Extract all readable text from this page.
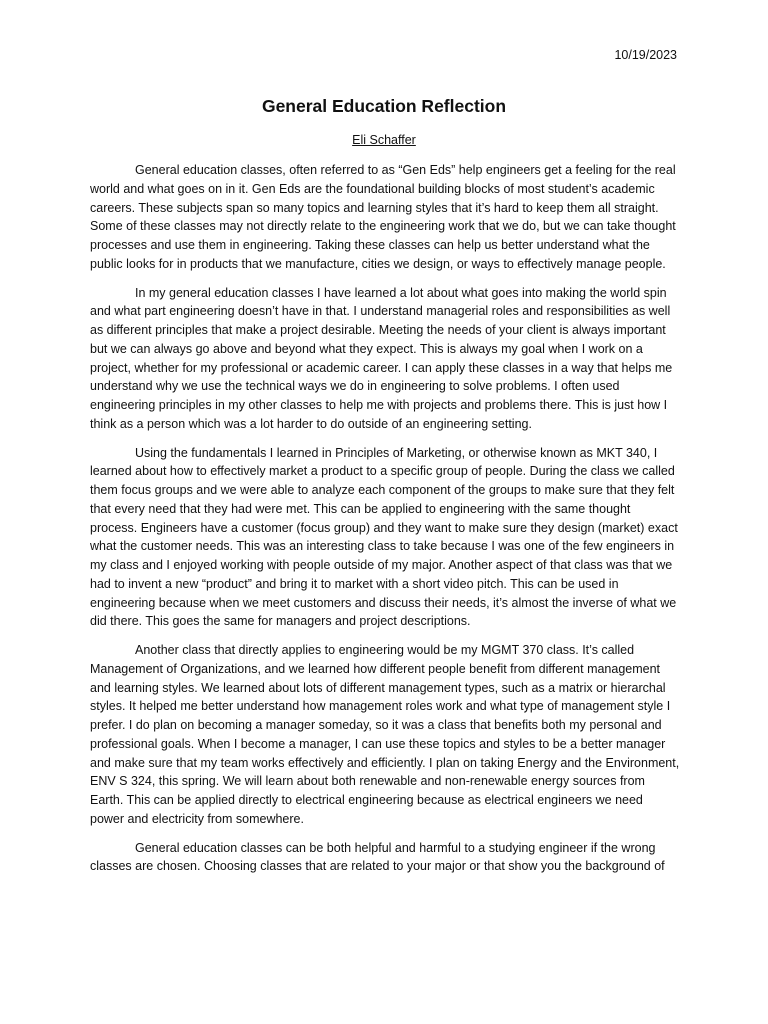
10/19/2023
General Education Reflection
Eli Schaffer

General education classes, often referred to as “Gen Eds” help engineers get a feeling for the real world and what goes on in it. Gen Eds are the foundational building blocks of most student’s academic careers. These subjects span so many topics and learning styles that it’s hard to keep them all straight. Some of these classes may not directly relate to the engineering work that we do, but we can take thought processes and use them in engineering. Taking these classes can help us better understand what the public looks for in products that we manufacture, cities we design, or ways to effectively manage people.

In my general education classes I have learned a lot about what goes into making the world spin and what part engineering doesn’t have in that. I understand managerial roles and responsibilities as well as different principles that make a project desirable. Meeting the needs of your client is always important but we can always go above and beyond what they expect. This is always my goal when I work on a project, whether for my professional or academic career. I can apply these classes in a way that helps me understand why we use the technical ways we do in engineering to solve problems. I often used engineering principles in my other classes to help me with projects and problems there. This is just how I think as a person which was a lot harder to do outside of an engineering setting.

Using the fundamentals I learned in Principles of Marketing, or otherwise known as MKT 340, I learned about how to effectively market a product to a specific group of people. During the class we called them focus groups and we were able to analyze each component of the groups to make sure that they felt that every need that they had were met. This can be applied to engineering with the same thought process. Engineers have a customer (focus group) and they want to make sure they design (market) exact what the customer needs. This was an interesting class to take because I was one of the few engineers in my class and I enjoyed working with people outside of my major. Another aspect of that class was that we had to invent a new “product” and bring it to market with a short video pitch. This can be used in engineering because when we meet customers and discuss their needs, it’s almost the inverse of what we did there. This goes the same for managers and project descriptions.

Another class that directly applies to engineering would be my MGMT 370 class. It’s called Management of Organizations, and we learned how different people benefit from different management and learning styles. We learned about lots of different management types, such as a matrix or hierarchal styles. It helped me better understand how management roles work and what type of management style I prefer. I do plan on becoming a manager someday, so it was a class that benefits both my personal and professional goals. When I become a manager, I can use these topics and styles to be a better manager and make sure that my team works effectively and efficiently. I plan on taking Energy and the Environment, ENV S 324, this spring. We will learn about both renewable and non-renewable energy sources from Earth. This can be applied directly to electrical engineering because as electrical engineers we need power and electricity from somewhere.

General education classes can be both helpful and harmful to a studying engineer if the wrong classes are chosen. Choosing classes that are related to your major or that show you the background of
